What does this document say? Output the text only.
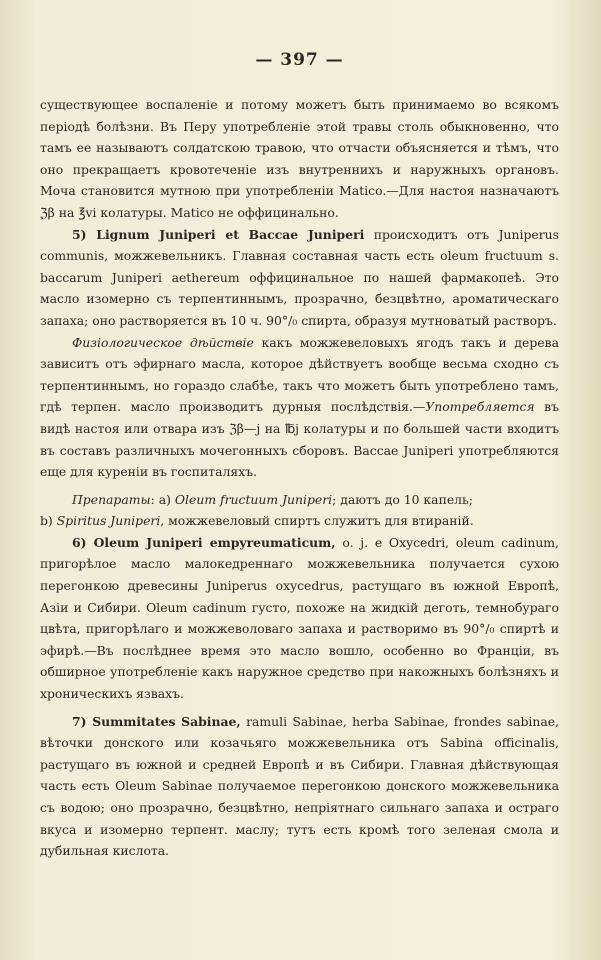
— 397 —

существующее воспаленіе и потому можетъ быть принимаемо во всякомъ періодѣ болѣзни. Въ Перу употребленіе этой травы столь обыкновенно, что тамъ ее называютъ солдатскою травою, что отчасти объясняется и тѣмъ, что оно прекращаетъ кровотеченіе изъ внутреннихъ и наружныхъ органовъ. Моча становится мутною при употребленіи Matico.—Для настоя назначаютъ ℨβ на ℥vi колатуры. Matico не оффицинально.

5) Lignum Juniperi et Baccae Juniperi происходитъ отъ Juniperus communis, можжевельникъ. Главная составная часть есть oleum fructuum s. baccarum Juniperi aethereum оффицинальное по нашей фармакопеѣ. Это масло изомерно съ терпентиннымъ, прозрачно, безцвѣтно, ароматическаго запаха; оно растворяется въ 10 ч. 90°/₀ спирта, образуя мутноватый растворъ.

Физіологическое дѣйствіе какъ можжевеловыхъ ягодъ такъ и дерева зависитъ отъ эфирнаго масла, которое дѣйствуетъ вообще весьма сходно съ терпентиннымъ, но гораздо слабѣе, такъ что можетъ быть употреблено тамъ, гдѣ терпен. масло производитъ дурныя послѣдствія.—Употребляется въ видѣ настоя или отвара изъ ℨβ—j на ℔j колатуры и по большей части входитъ въ составъ различныхъ мочегонныхъ сборовъ. Baccae Juniperi употребляются еще для куреніи въ госпиталяхъ.

Препараты: a) Oleum fructuum Juniperi; даютъ до 10 капель;
b) Spiritus Juniperi, можжевеловый спиртъ служитъ для втираній.

6) Oleum Juniperi empyreumaticum, o. j. e Oxycedri, oleum cadinum, пригорѣлое масло малокедреннаго можжевельника получается сухою перегонкою древесины Juniperus oxycedrus, растущаго въ южной Европѣ, Азіи и Сибири. Oleum cadinum густо, похоже на жидкій деготь, темнобураго цвѣта, пригорѣлаго и можжеволоваго запаха и растворимо въ 90°/₀ спиртѣ и эфирѣ.—Въ послѣднее время это масло вошло, особенно во Франціи, въ обширное употребленіе какъ наружное средство при накожныхъ болѣзняхъ и хроническихъ язвахъ.

7) Summitates Sabinae, ramuli Sabinae, herba Sabinae, frondes sabinae, вѣточки донского или козачьяго можжевельника отъ Sabina officinalis, растущаго въ южной и средней Европѣ и въ Сибири. Главная дѣйствующая часть есть Oleum Sabinae получаемое перегонкою донского можжевельника съ водою; оно прозрачно, безцвѣтно, непріятнаго сильнаго запаха и остраго вкуса и изомерно терпент. маслу; тутъ есть кромѣ того зеленая смола и дубильная кислота.
